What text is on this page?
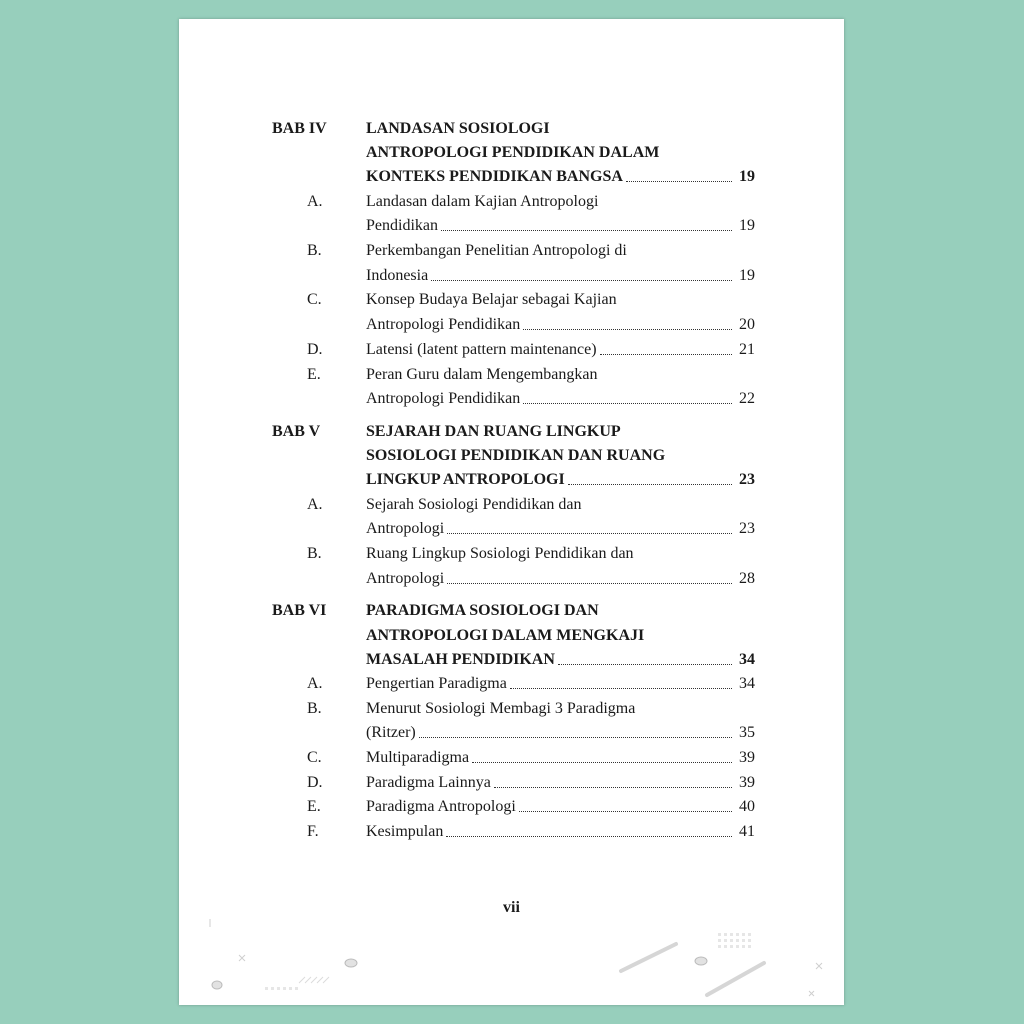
BAB IV	LANDASAN SOSIOLOGI
ANTROPOLOGI PENDIDIKAN DALAM
KONTEKS PENDIDIKAN BANGSA	19
A.	Landasan dalam Kajian Antropologi
Pendidikan	19
B.	Perkembangan Penelitian Antropologi di
Indonesia	19
C.	Konsep Budaya Belajar sebagai Kajian
Antropologi Pendidikan	20
D.	Latensi (latent pattern maintenance)	21
E.	Peran Guru dalam Mengembangkan
Antropologi Pendidikan	22
BAB V	SEJARAH DAN RUANG LINGKUP
SOSIOLOGI PENDIDIKAN DAN RUANG
LINGKUP ANTROPOLOGI	23
A.	Sejarah Sosiologi Pendidikan dan
Antropologi	23
B.	Ruang Lingkup Sosiologi Pendidikan dan
Antropologi	28
BAB VI	PARADIGMA SOSIOLOGI DAN
ANTROPOLOGI DALAM MENGKAJI
MASALAH PENDIDIKAN	34
A.	Pengertian Paradigma	34
B.	Menurut Sosiologi Membagi 3 Paradigma
(Ritzer)	35
C.	Multiparadigma	39
D.	Paradigma Lainnya	39
E.	Paradigma Antropologi	40
F.	Kesimpulan	41
vii
